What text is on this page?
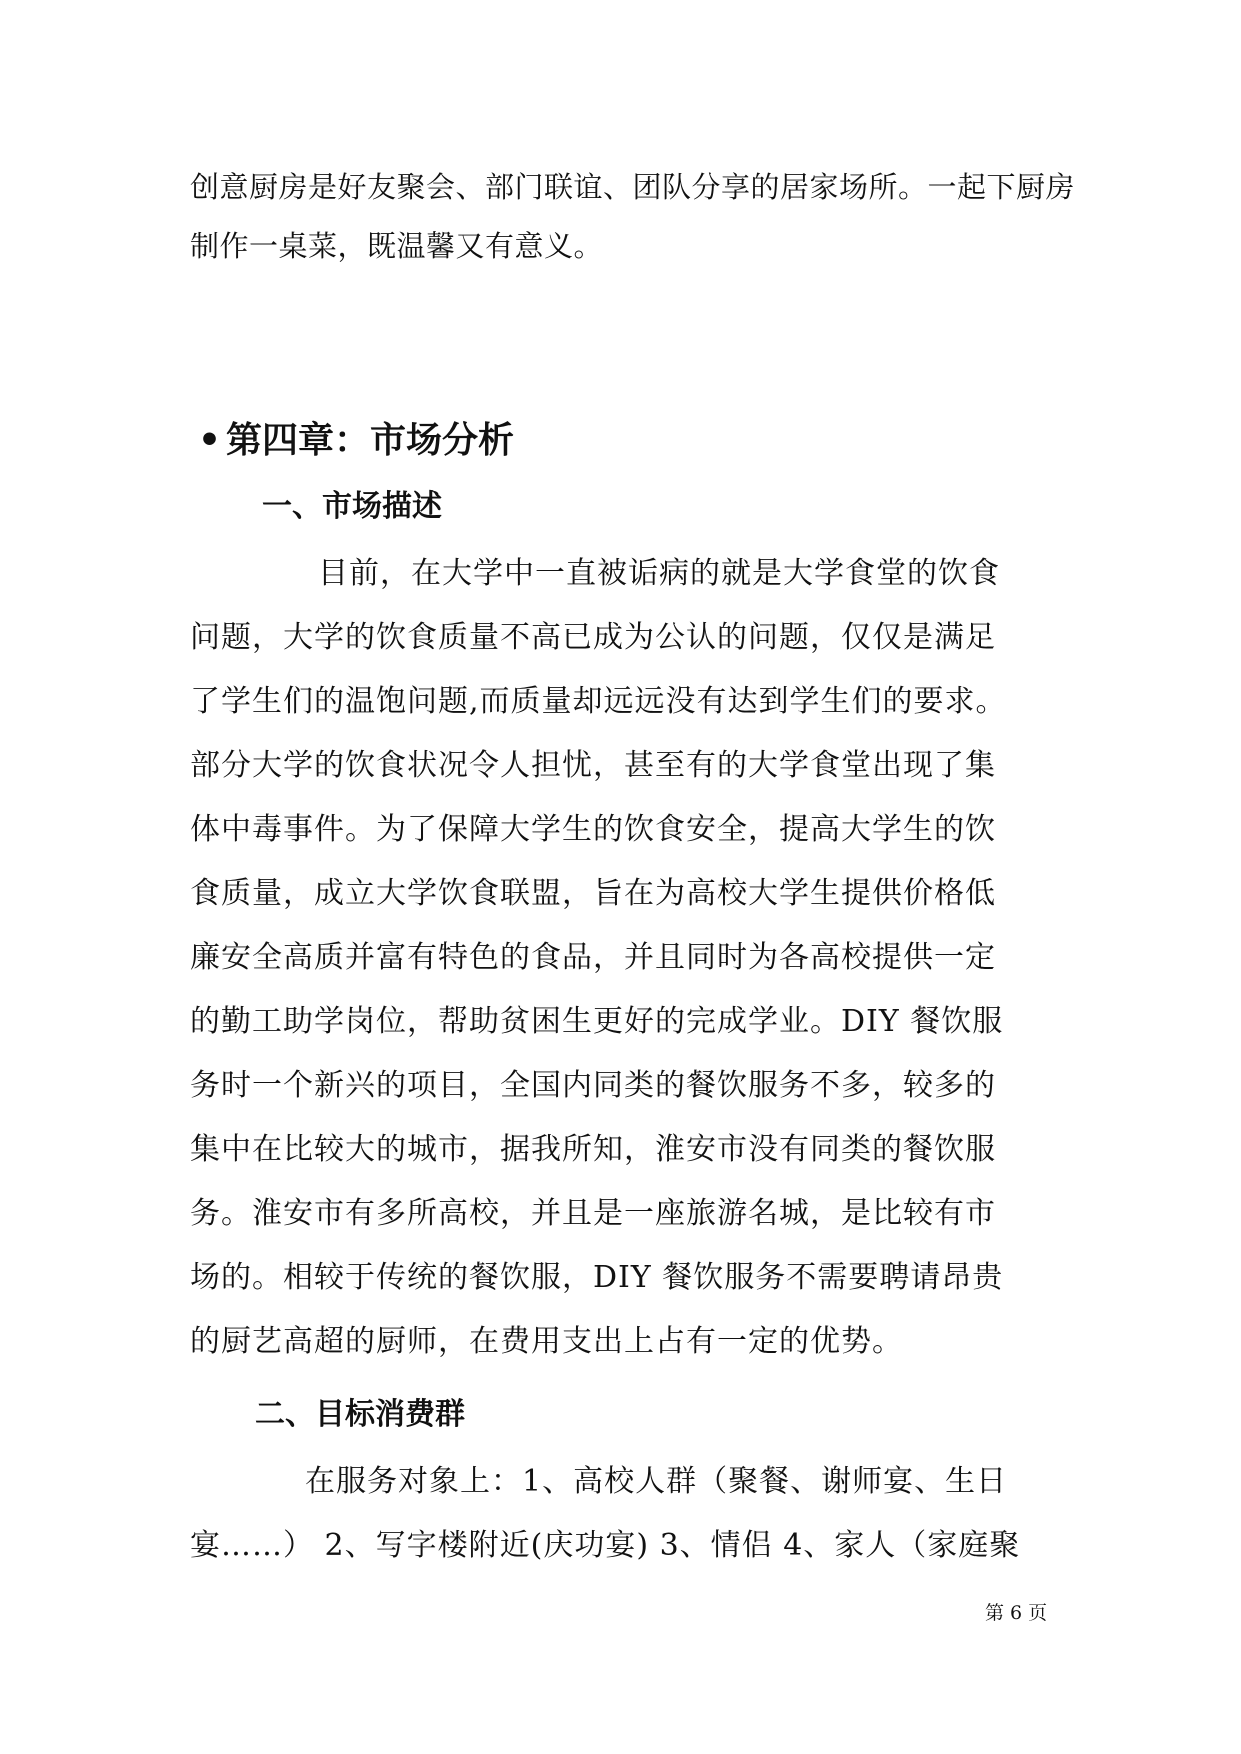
创意厨房是好友聚会、部门联谊、团队分享的居家场所。一起下厨房
制作一桌菜，既温馨又有意义。
• 第四章：市场分析
一、市场描述
目前，在大学中一直被诟病的就是大学食堂的饮食
问题，大学的饮食质量不高已成为公认的问题，仅仅是满足
了学生们的温饱问题,而质量却远远没有达到学生们的要求。
部分大学的饮食状况令人担忧，甚至有的大学食堂出现了集
体中毒事件。为了保障大学生的饮食安全，提高大学生的饮
食质量，成立大学饮食联盟，旨在为高校大学生提供价格低
廉安全高质并富有特色的食品，并且同时为各高校提供一定
的勤工助学岗位，帮助贫困生更好的完成学业。DIY 餐饮服
务时一个新兴的项目，全国内同类的餐饮服务不多，较多的
集中在比较大的城市，据我所知，淮安市没有同类的餐饮服
务。淮安市有多所高校，并且是一座旅游名城，是比较有市
场的。相较于传统的餐饮服，DIY 餐饮服务不需要聘请昂贵
的厨艺高超的厨师，在费用支出上占有一定的优势。
二、目标消费群
在服务对象上：1、高校人群（聚餐、谢师宴、生日
宴……） 2、写字楼附近(庆功宴) 3、情侣 4、家人（家庭聚
第 6 页
